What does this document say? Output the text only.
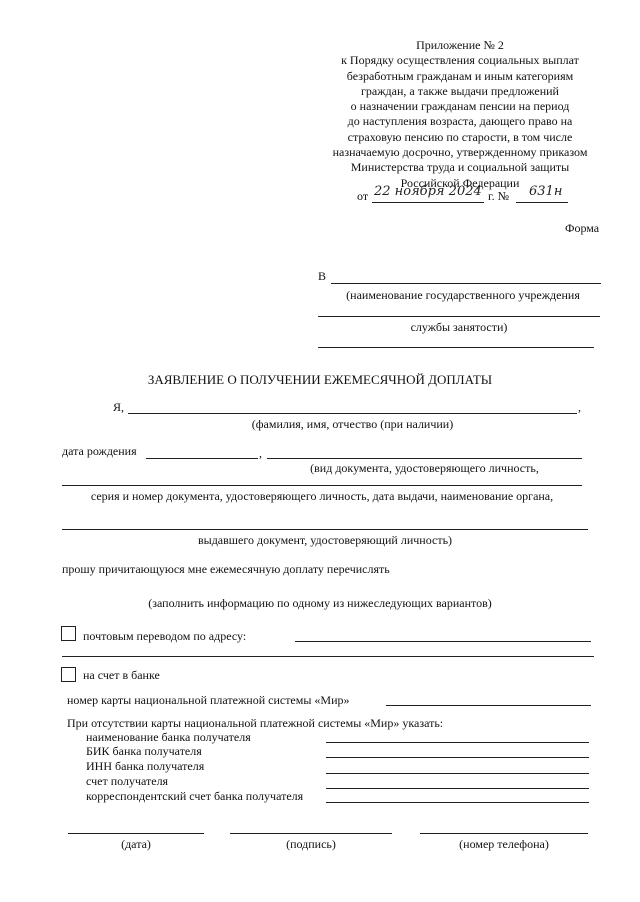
Приложение № 2
к Порядку осуществления социальных выплат
безработным гражданам и иным категориям
граждан, а также выдачи предложений
о назначении гражданам пенсии на период
до наступления возраста, дающего право на
страховую пенсию по старости, в том числе
назначаемую досрочно, утвержденному приказом
Министерства труда и социальной защиты
Российской Федерации
от 22 ноября 2024 г. № 631н
Форма
В
(наименование государственного учреждения
службы занятости)
ЗАЯВЛЕНИЕ О ПОЛУЧЕНИИ ЕЖЕМЕСЯЧНОЙ ДОПЛАТЫ
Я,	,
(фамилия, имя, отчество (при наличии)
дата рождения	,
(вид документа, удостоверяющего личность,
серия и номер документа, удостоверяющего личность, дата выдачи, наименование органа,
выдавшего документ, удостоверяющий личность)
прошу причитающуюся мне ежемесячную доплату перечислять
(заполнить информацию по одному из нижеследующих вариантов)
почтовым переводом по адресу:
на счет в банке
номер карты национальной платежной системы «Мир»
При отсутствии карты национальной платежной системы «Мир» указать:
наименование банка получателя
БИК банка получателя
ИНН банка получателя
счет получателя
корреспондентский счет банка получателя
(дата)	(подпись)	(номер телефона)
